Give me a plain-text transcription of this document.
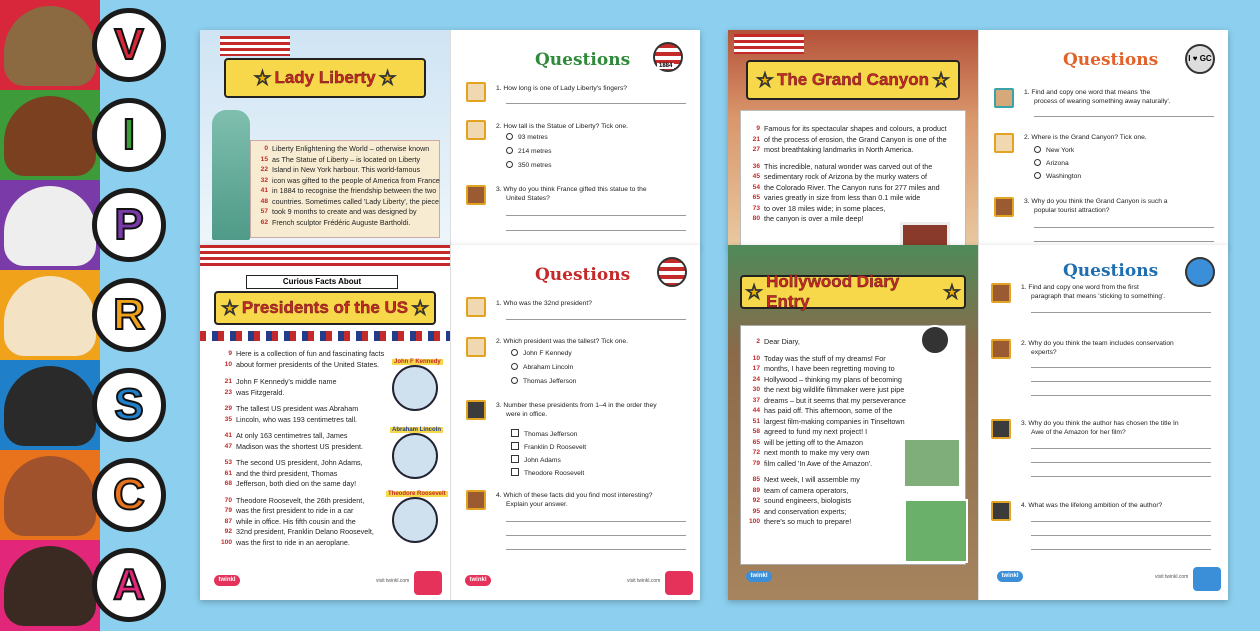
V
I
P
R
S
C
A
★ Lady Liberty ★
0
15
22
32
41
48
57
62
Liberty Enlightening the World – otherwise known
as The Statue of Liberty – is located on Liberty
Island in New York harbour. This world-famous
icon was gifted to the people of America from France
in 1884 to recognise the friendship between the two
countries. Sometimes called 'Lady Liberty', the piece
took 9 months to create and was designed by
French sculptor Frédéric Auguste Bartholdi.
Questions	1884
1. How long is one of Lady Liberty's fingers?
2. How tall is the Statue of Liberty? Tick one.
93 metres
214 metres
350 metres
3. Why do you think France gifted this statue to the
United States?
★ The Grand Canyon ★
9
21
27
36
45
54
65
73
80
Famous for its spectacular shapes and colours, a product
of the process of erosion, the Grand Canyon is one of the
most breathtaking landmarks in North America.
This incredible, natural wonder was carved out of the
sedimentary rock of Arizona by the murky waters of
the Colorado River. The Canyon runs for 277 miles and
varies greatly in size from less than 0.1 mile wide
to over 18 miles wide; in some places,
the canyon is over a mile deep!
Questions	I ♥ GC
1. Find and copy one word that means 'the
process of wearing something away naturally'.
2. Where is the Grand Canyon? Tick one.
New York
Arizona
Washington
3. Why do you think the Grand Canyon is such a
popular tourist attraction?
Curious Facts About
★ Presidents of the US ★
9
10
Here is a collection of fun and fascinating facts
about former presidents of the United States.
21
23
29
35
41
47
53
61
68
70
79
87
92
100
John F Kennedy's middle name
was Fitzgerald.
The tallest US president was Abraham
Lincoln, who was 193 centimetres tall.
At only 163 centimetres tall, James
Madison was the shortest US president.
The second US president, John Adams,
and the third president, Thomas
Jefferson, both died on the same day!
Theodore Roosevelt, the 26th president,
was the first president to ride in a car
while in office. His fifth cousin and the
32nd president, Franklin Delano Roosevelt,
was the first to ride in an aeroplane.
John F Kennedy
Abraham Lincoln
Theodore Roosevelt
twinkl	visit twinkl.com
Questions
1. Who was the 32nd president?
2. Which president was the tallest? Tick one.
John F Kennedy
Abraham Lincoln
Thomas Jefferson
3. Number these presidents from 1–4 in the order they
were in office.
Thomas Jefferson
Franklin D Roosevelt
John Adams
Theodore Roosevelt
4. Which of these facts did you find most interesting?
Explain your answer.
twinkl	visit twinkl.com
★ Hollywood Diary Entry	★
2
10
17
24
30
37
44
51
58
65
72
79
85
89
92
95
100
Dear Diary,
Today was the stuff of my dreams! For
months, I have been regretting moving to
Hollywood – thinking my plans of becoming
the next big wildlife filmmaker were just pipe
dreams – but it seems that my perseverance
has paid off. This afternoon, some of the
largest film-making companies in Tinseltown
agreed to fund my next project! I
will be jetting off to the Amazon
next month to make my very own
film called 'In Awe of the Amazon'.
Next week, I will assemble my
team of camera operators,
sound engineers, biologists
and conservation experts;
there's so much to prepare!
twinkl
Questions
1. Find and copy one word from the first
paragraph that means 'sticking to something'.
2. Why do you think the team includes conservation
experts?
3. Why do you think the author has chosen the title In
Awe of the Amazon for her film?
4. What was the lifelong ambition of the author?
twinkl	visit twinkl.com
